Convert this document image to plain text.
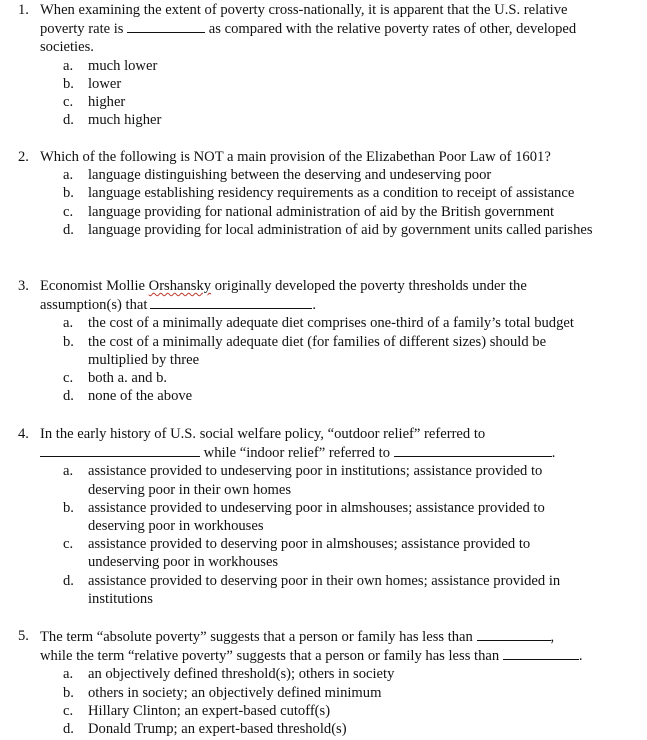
1. When examining the extent of poverty cross-nationally, it is apparent that the U.S. relative
poverty rate is	as compared with the relative poverty rates of other, developed
societies.
a. much lower
b. lower
c. higher
d. much higher
2. Which of the following is NOT a main provision of the Elizabethan Poor Law of 1601?
a. language distinguishing between the deserving and undeserving poor
b. language establishing residency requirements as a condition to receipt of assistance
c. language providing for national administration of aid by the British government
d. language providing for local administration of aid by government units called parishes
3. Economist Mollie Orshansky originally developed the poverty thresholds under the
assumption(s) that	.
a. the cost of a minimally adequate diet comprises one-third of a family’s total budget
b. the cost of a minimally adequate diet (for families of different sizes) should be multiplied by three
c. both a. and b.
d. none of the above
4. In the early history of U.S. social welfare policy, “outdoor relief” referred to
while “indoor relief” referred to	.
a. assistance provided to undeserving poor in institutions; assistance provided to deserving poor in their own homes
b. assistance provided to undeserving poor in almshouses; assistance provided to deserving poor in workhouses
c. assistance provided to deserving poor in almshouses; assistance provided to undeserving poor in workhouses
d. assistance provided to deserving poor in their own homes; assistance provided in institutions
5. The term “absolute poverty” suggests that a person or family has less than	,
while the term “relative poverty” suggests that a person or family has less than	.
a. an objectively defined threshold(s); others in society
b. others in society; an objectively defined minimum
c. Hillary Clinton; an expert-based cutoff(s)
d. Donald Trump; an expert-based threshold(s)
